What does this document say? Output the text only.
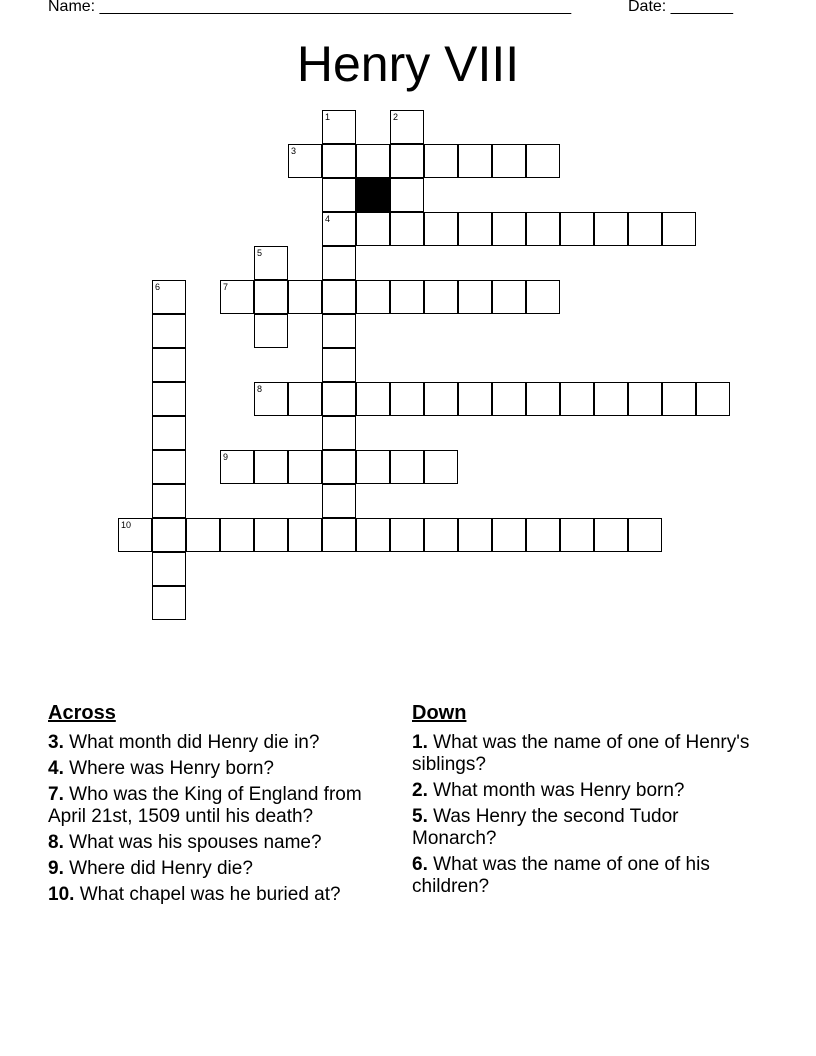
Name: _____________________________________________________	Date: _______
Henry VIII
1	2
3
4
5
6	7
8
9
10
Across
3. What month did Henry die in?
4. Where was Henry born?
7. Who was the King of England from April 21st, 1509 until his death?
8. What was his spouses name?
9. Where did Henry die?
10. What chapel was he buried at?
Down
1. What was the name of one of Henry's siblings?
2. What month was Henry born?
5. Was Henry the second Tudor Monarch?
6. What was the name of one of his children?
